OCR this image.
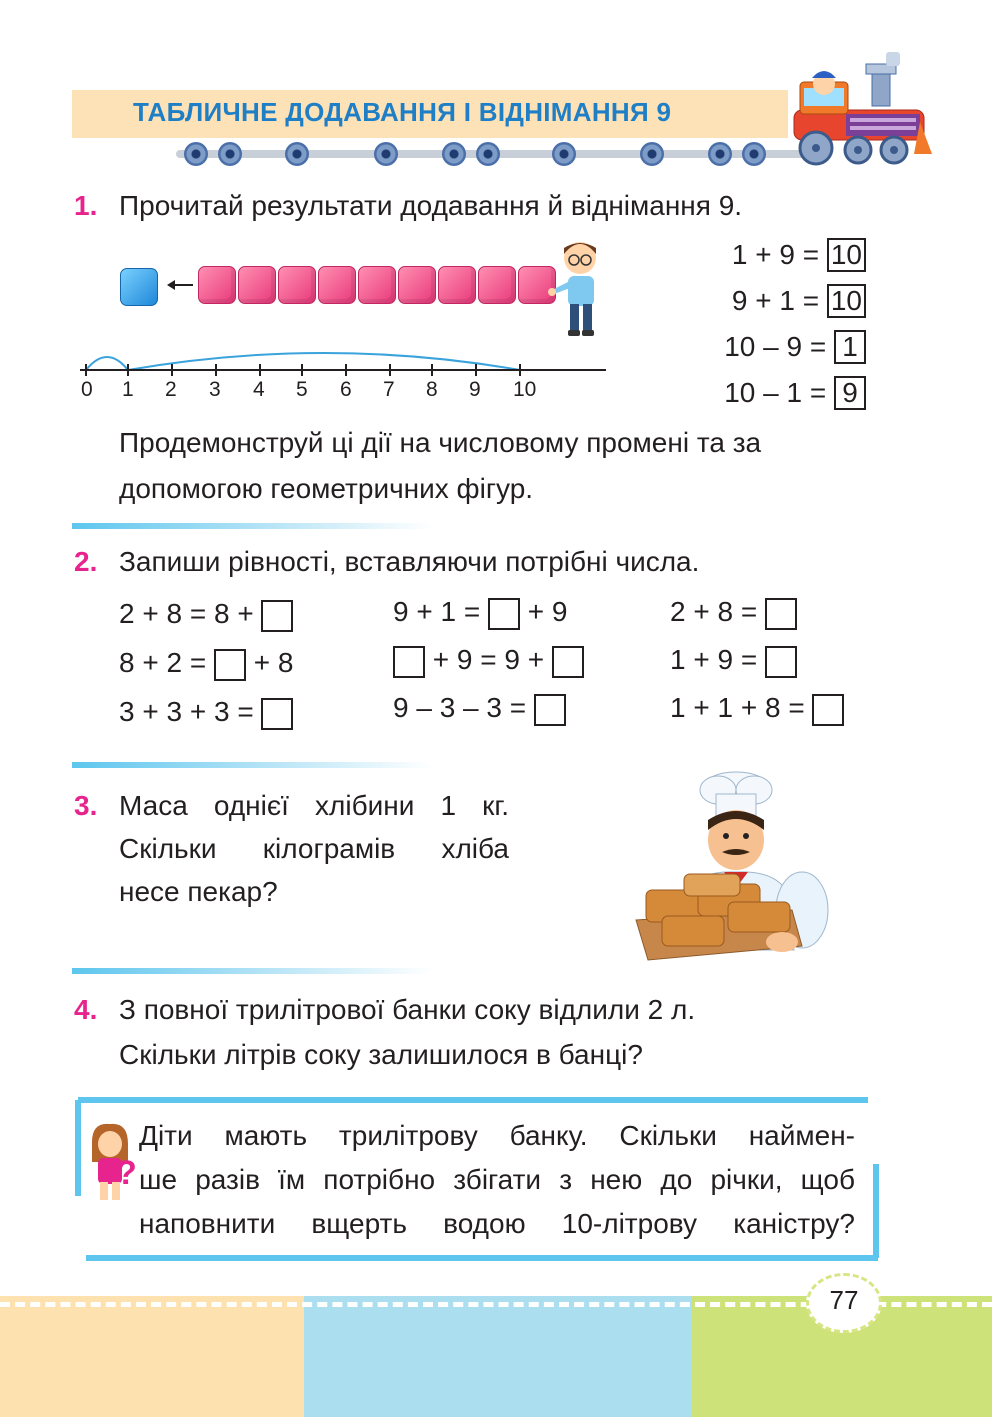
ТАБЛИЧНЕ ДОДАВАННЯ І ВІДНІМАННЯ 9
1. Прочитай результати додавання й віднімання 9.
0 1 2 3 4 5 6 7 8 9 10
1 + 9 = 10
9 + 1 = 10
10 – 9 = 1
10 – 1 = 9
Продемонструй ці дії на числовому промені та за
допомогою геометричних фігур.
2. Запиши рівності, вставляючи потрібні числа.
2 + 8 = 8 +
8 + 2 = + 8
3 + 3 + 3 =
9 + 1 = + 9
+ 9 = 9 +
9 – 3 – 3 =
2 + 8 =
1 + 9 =
1 + 1 + 8 =
3. Маса однієї хлібини 1 кг.
Скільки кілограмів хліба
несе пекар?
4. З повної трилітрової банки соку відлили 2 л.
Скільки літрів соку залишилося в банці?
?
Діти мають трилітрову банку. Скільки наймен-
ше разів їм потрібно збігати з нею до річки, щоб
наповнити вщерть водою 10-літрову каністру?
77
